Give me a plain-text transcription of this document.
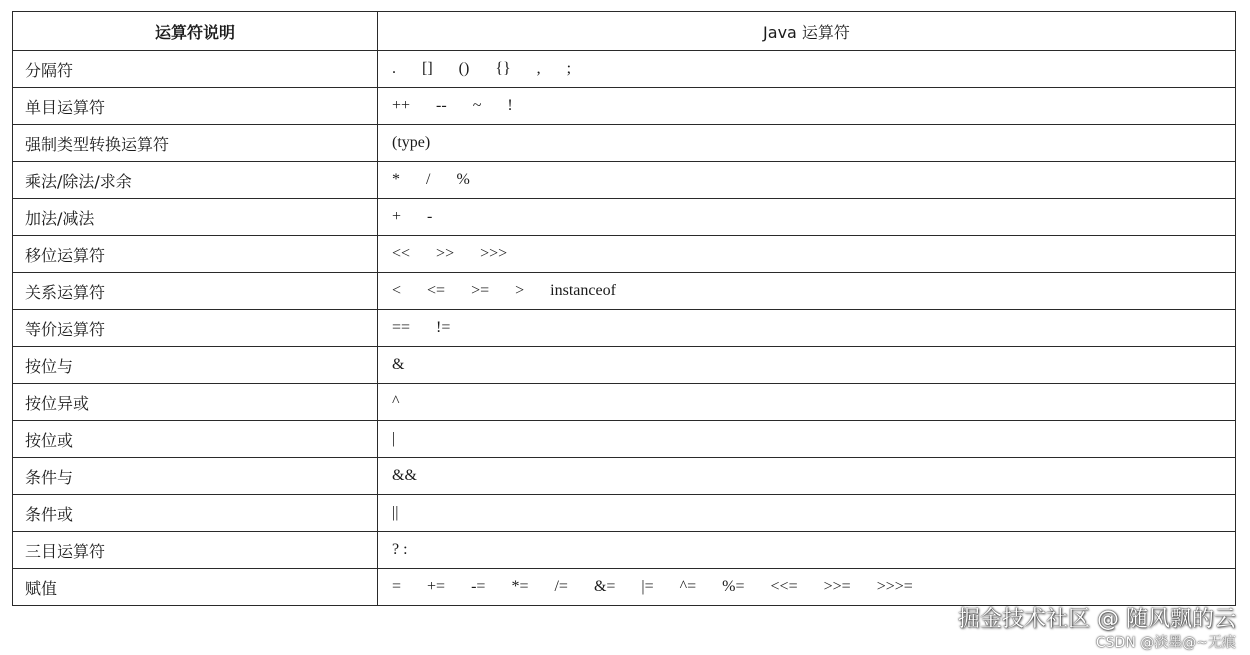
运算符说明	Java 运算符
分隔符	. [] () {} , ;
单目运算符	++ -- ~ !
强制类型转换运算符	(type)
乘法/除法/求余	* / %
加法/减法	+ -
移位运算符	<< >> >>>
关系运算符	< <= >= > instanceof
等价运算符	== !=
按位与	&
按位异或	^
按位或	|
条件与	&&
条件或	||
三目运算符	? :
赋值	= += -= *= /= &= |= ^= %= <<= >>= >>>=
掘金技术社区 @ 随风飘的云
CSDN @淡墨@~无痕
